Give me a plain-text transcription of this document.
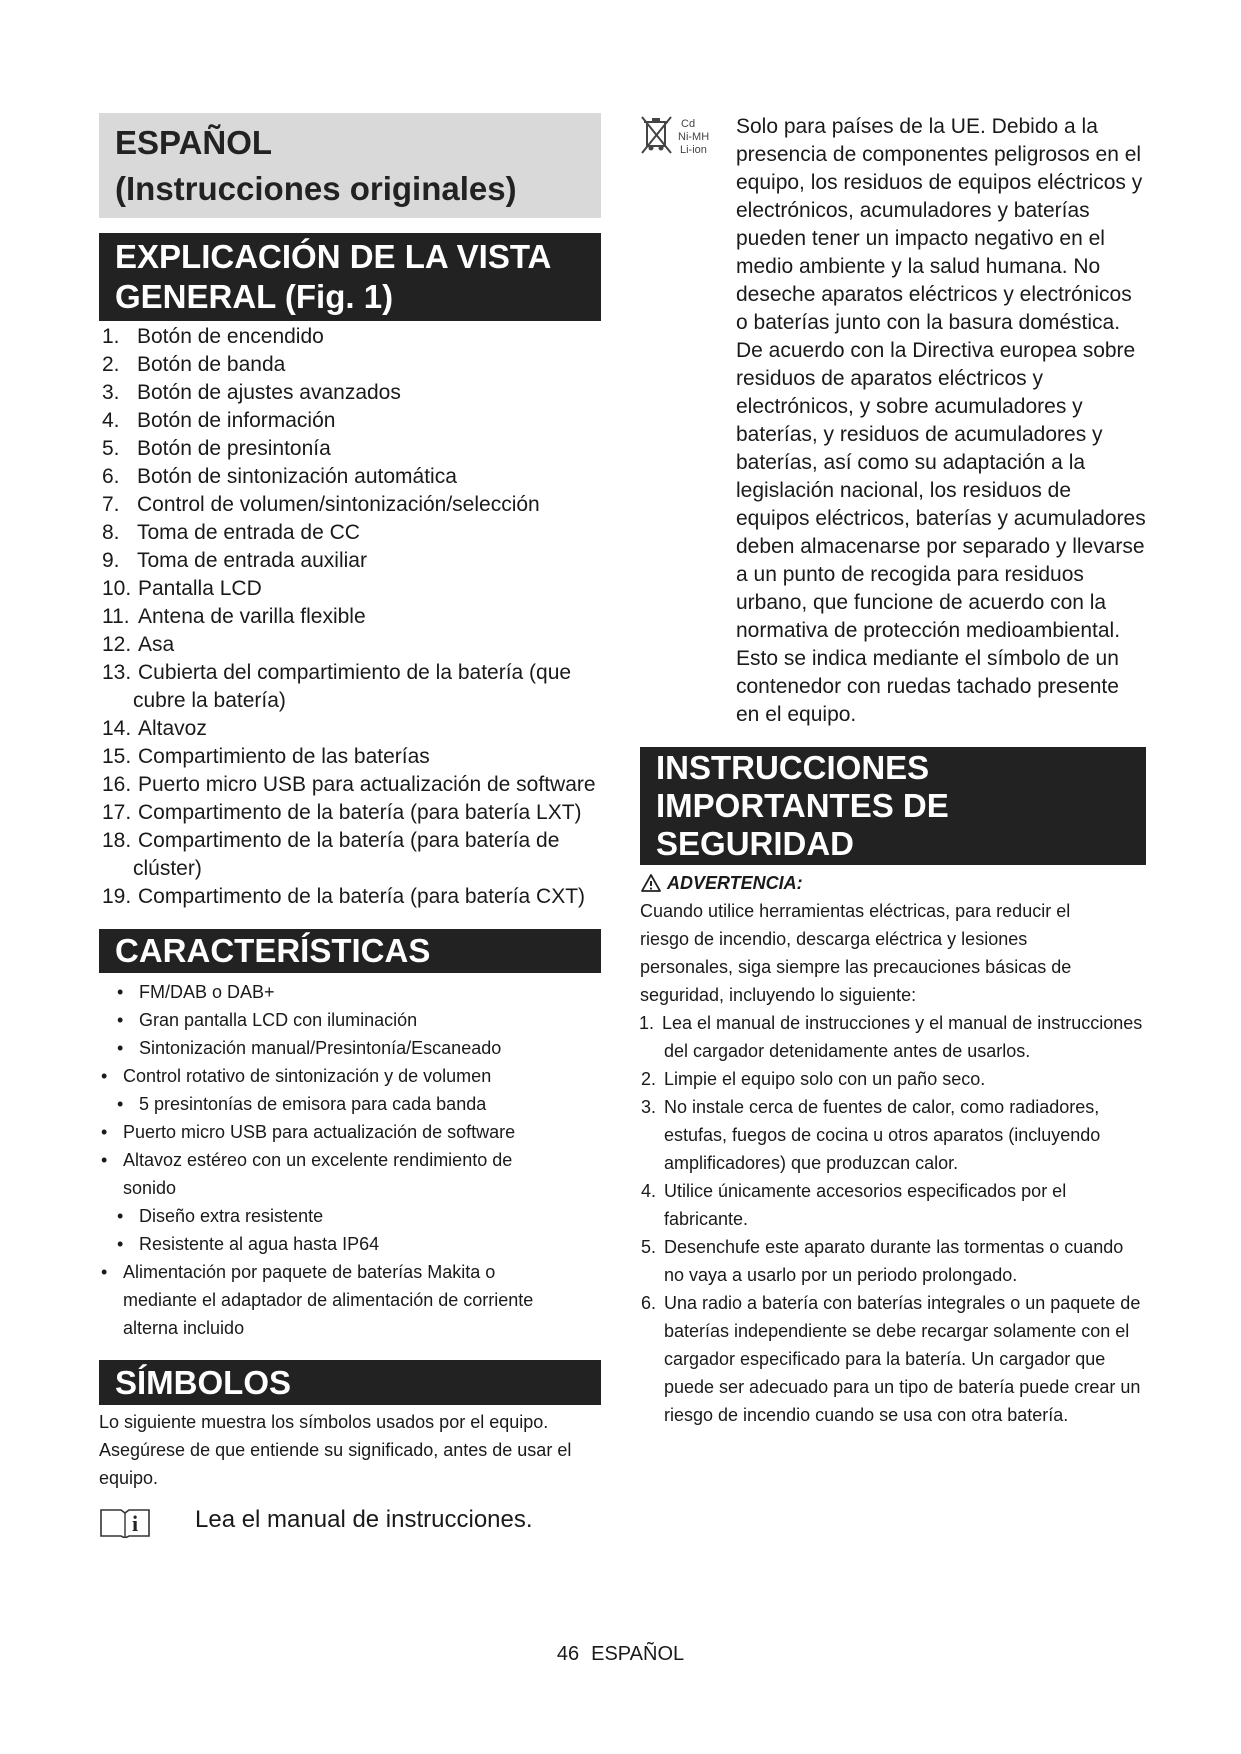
ESPAÑOL
(Instrucciones originales)
EXPLICACIÓN DE LA VISTA
GENERAL (Fig. 1)
1. Botón de encendido
2. Botón de banda
3. Botón de ajustes avanzados
4. Botón de información
5. Botón de presintonía
6. Botón de sintonización automática
7. Control de volumen/sintonización/selección
8. Toma de entrada de CC
9. Toma de entrada auxiliar
10. Pantalla LCD
11. Antena de varilla flexible
12. Asa
13. Cubierta del compartimiento de la batería (que cubre la batería)
14. Altavoz
15. Compartimiento de las baterías
16. Puerto micro USB para actualización de software
17. Compartimento de la batería (para batería LXT)
18. Compartimento de la batería (para batería de clúster)
19. Compartimento de la batería (para batería CXT)
CARACTERÍSTICAS
• FM/DAB o DAB+
• Gran pantalla LCD con iluminación
• Sintonización manual/Presintonía/Escaneado
• Control rotativo de sintonización y de volumen
• 5 presintonías de emisora para cada banda
• Puerto micro USB para actualización de software
• Altavoz estéreo con un excelente rendimiento de sonido
• Diseño extra resistente
• Resistente al agua hasta IP64
• Alimentación por paquete de baterías Makita o mediante el adaptador de alimentación de corriente alterna incluido
SÍMBOLOS
Lo siguiente muestra los símbolos usados por el equipo. Asegúrese de que entiende su significado, antes de usar el equipo.
i Lea el manual de instrucciones.
Cd
Ni-MH
Li-ion
Solo para países de la UE. Debido a la presencia de componentes peligrosos en el equipo, los residuos de equipos eléctricos y electrónicos, acumuladores y baterías pueden tener un impacto negativo en el medio ambiente y la salud humana. No deseche aparatos eléctricos y electrónicos o baterías junto con la basura doméstica. De acuerdo con la Directiva europea sobre residuos de aparatos eléctricos y electrónicos, y sobre acumuladores y baterías, y residuos de acumuladores y baterías, así como su adaptación a la legislación nacional, los residuos de equipos eléctricos, baterías y acumuladores deben almacenarse por separado y llevarse a un punto de recogida para residuos urbano, que funcione de acuerdo con la normativa de protección medioambiental. Esto se indica mediante el símbolo de un contenedor con ruedas tachado presente en el equipo.
INSTRUCCIONES
IMPORTANTES DE
SEGURIDAD
ADVERTENCIA:
Cuando utilice herramientas eléctricas, para reducir el riesgo de incendio, descarga eléctrica y lesiones personales, siga siempre las precauciones básicas de seguridad, incluyendo lo siguiente:
1. Lea el manual de instrucciones y el manual de instrucciones del cargador detenidamente antes de usarlos.
2. Limpie el equipo solo con un paño seco.
3. No instale cerca de fuentes de calor, como radiadores, estufas, fuegos de cocina u otros aparatos (incluyendo amplificadores) que produzcan calor.
4. Utilice únicamente accesorios especificados por el fabricante.
5. Desenchufe este aparato durante las tormentas o cuando no vaya a usarlo por un periodo prolongado.
6. Una radio a batería con baterías integrales o un paquete de baterías independiente se debe recargar solamente con el cargador especificado para la batería. Un cargador que puede ser adecuado para un tipo de batería puede crear un riesgo de incendio cuando se usa con otra batería.
46 ESPAÑOL
